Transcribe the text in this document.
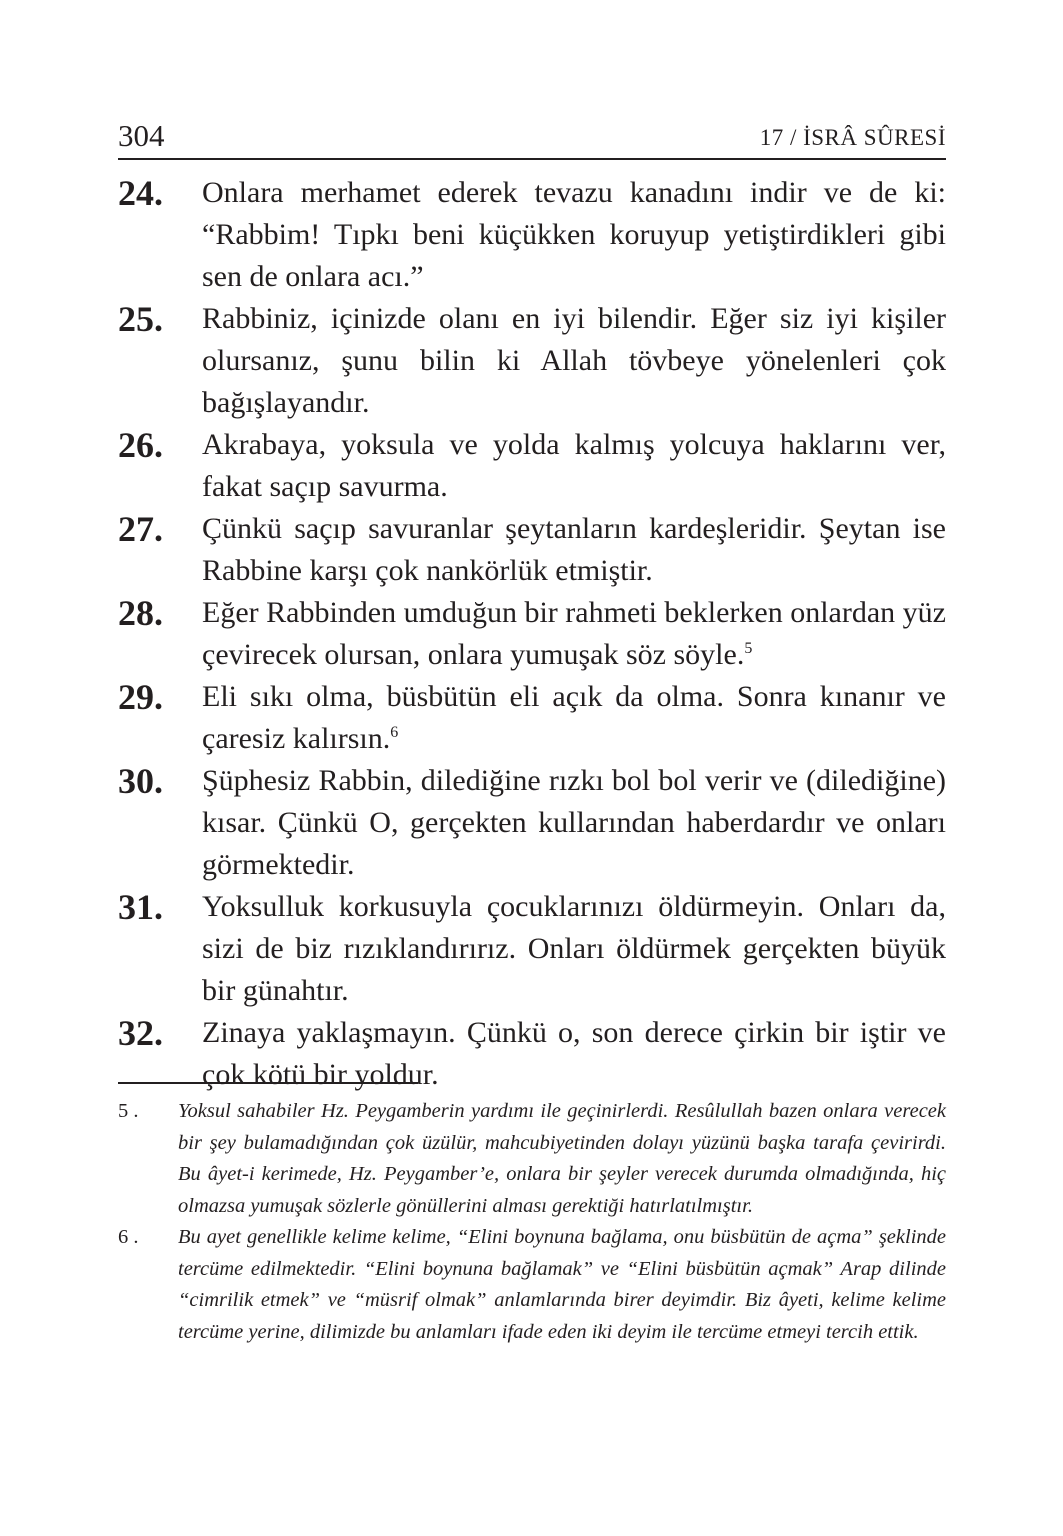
304	17 / İSRÂ SÛRESİ
24. Onlara merhamet ederek tevazu kanadını indir ve de ki: “Rabbim! Tıpkı beni küçükken koruyup yetiştirdikleri gibi sen de onlara acı.”
25. Rabbiniz, içinizde olanı en iyi bilendir. Eğer siz iyi kişiler olursanız, şunu bilin ki Allah tövbeye yönelenleri çok bağışlayandır.
26. Akrabaya, yoksula ve yolda kalmış yolcuya haklarını ver, fakat saçıp savurma.
27. Çünkü saçıp savuranlar şeytanların kardeşleridir. Şeytan ise Rabbine karşı çok nankörlük etmiştir.
28. Eğer Rabbinden umduğun bir rahmeti beklerken onlardan yüz çevirecek olursan, onlara yumuşak söz söyle.$^5$
29. Eli sıkı olma, büsbütün eli açık da olma. Sonra kınanır ve çaresiz kalırsın.$^6$
30. Şüphesiz Rabbin, dilediğine rızkı bol bol verir ve (dilediğine) kısar. Çünkü O, gerçekten kullarından haberdardır ve onları görmektedir.
31. Yoksulluk korkusuyla çocuklarınızı öldürmeyin. Onları da, sizi de biz rızıklandırırız. Onları öldürmek gerçekten büyük bir günahtır.
32. Zinaya yaklaşmayın. Çünkü o, son derece çirkin bir iştir ve çok kötü bir yoldur.
5 . Yoksul sahabiler Hz. Peygamberin yardımı ile geçinirlerdi. Resûlullah bazen onlara verecek bir şey bulamadığından çok üzülür, mahcubiyetinden dolayı yüzünü başka tarafa çevirirdi. Bu âyet-i kerimede, Hz. Peygamber’e, onlara bir şeyler verecek durumda olmadığında, hiç olmazsa yumuşak sözlerle gönüllerini alması gerektiği hatırlatılmıştır.
6 . Bu ayet genellikle kelime kelime, “Elini boynuna bağlama, onu büsbütün de açma” şeklinde tercüme edilmektedir. “Elini boynuna bağlamak” ve “Elini büsbütün açmak” Arap dilinde “cimrilik etmek” ve “müsrif olmak” anlamlarında birer deyimdir. Biz âyeti, kelime kelime tercüme yerine, dilimizde bu anlamları ifade eden iki deyim ile tercüme etmeyi tercih ettik.
